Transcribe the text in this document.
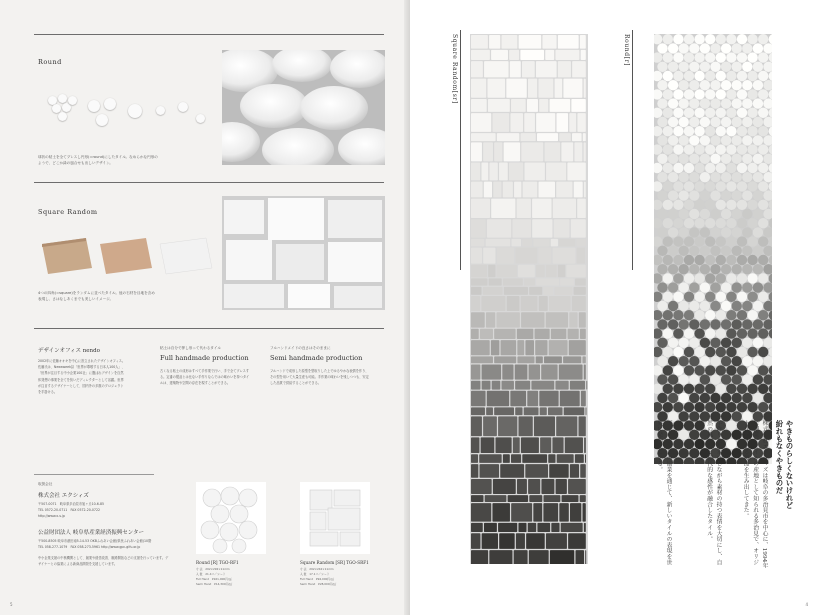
Round
球状の粘土を全てプレスし円形(=round)にしたタイル。なめらかな円形のようで、どこか緑の風合せも出しいデザイン。
Square Random
4つの四角(=square)をランダムに並べたタイル。他の石材を目地を含め表現し、さはなしあくまでも美しいイメージ。
デザインオフィス nendo
2002年に佐藤オオキを中心に設立されたデザインオフィス。佐藤氏は、Newsweek誌「世界が尊敬する日本人100人」、「世界が注目する中小企業100社」に選ばれデザインを自然体発想の事業を全てを紡いだディレクターとして活躍。世界が注目するデザイナーとして、国内外の多数のプロジェクトを手掛ける。
粘土は自分で押し形って代わるタイル
Full handmade production
古くなる粘土の成形はすべて手作業で行い、手で全てプレスする。定番の製品とは比ない手作りならではの味わいを持つタイルは、建築物や空間の存在を現すことができる。
フルハンドメイドの良さはそのままに
Semi handmade production
フルハンドで成形した原型を型取りした上でゆるやかな表情を作り、その型を用いて大量生産も可能。手作業の味わいを残しつつも、安定した品質で供給することができる。
取扱会社
株式会社 エクシィズ
〒507-0071　岐阜県多治見市旭ヶ丘10-6-85
TEL 0572-20-0711　FAX 0572-20-0722
http://www.x-s.jp
公益財団法人 岐阜県産業経済振興センター
〒500-8505 岐阜市薮田南5-14-53 OKBふれあい会館(県民ふれあい会館)10階
TEL 058-277-1079　FAX 058-273-5961 http://www.gpc-gifu.or.jp
中小企業支援の中核機関として、創業や経営改善、販路開拓などの支援を行っています。デザイナーとの協業による新商品開発を支援しています。	Round [R] TGO-RF1
寸 法　292×292×11mm
入 数　21.4コ／シート
Full Hand　¥161,000円/㎡
Semi Hand　¥14,300円/㎡
Square Random [SR] TGO-SRF1
寸 法　292×242×11mm
入 数　17.1コ／シート
Full Hand　¥94,000円/㎡
Semi Hand　¥28,000円/㎡
5
Square Random[sr]	Round[r]
やきものらしくないけれど
紛れもなくやきものだ
株式会社エクシィズは岐阜の多治見市を中心に、1994年に創業。タイルの産地として知られる多治見で、オリジナリティある製品を生み出してきた。
手作りを基本にしながら素材の持つ表情を大切にし、自然の風合いと現代的な感性が融合したタイル。
デザイナーとの協業を通じて、新しいタイルの表現を世界に発信している。
4
